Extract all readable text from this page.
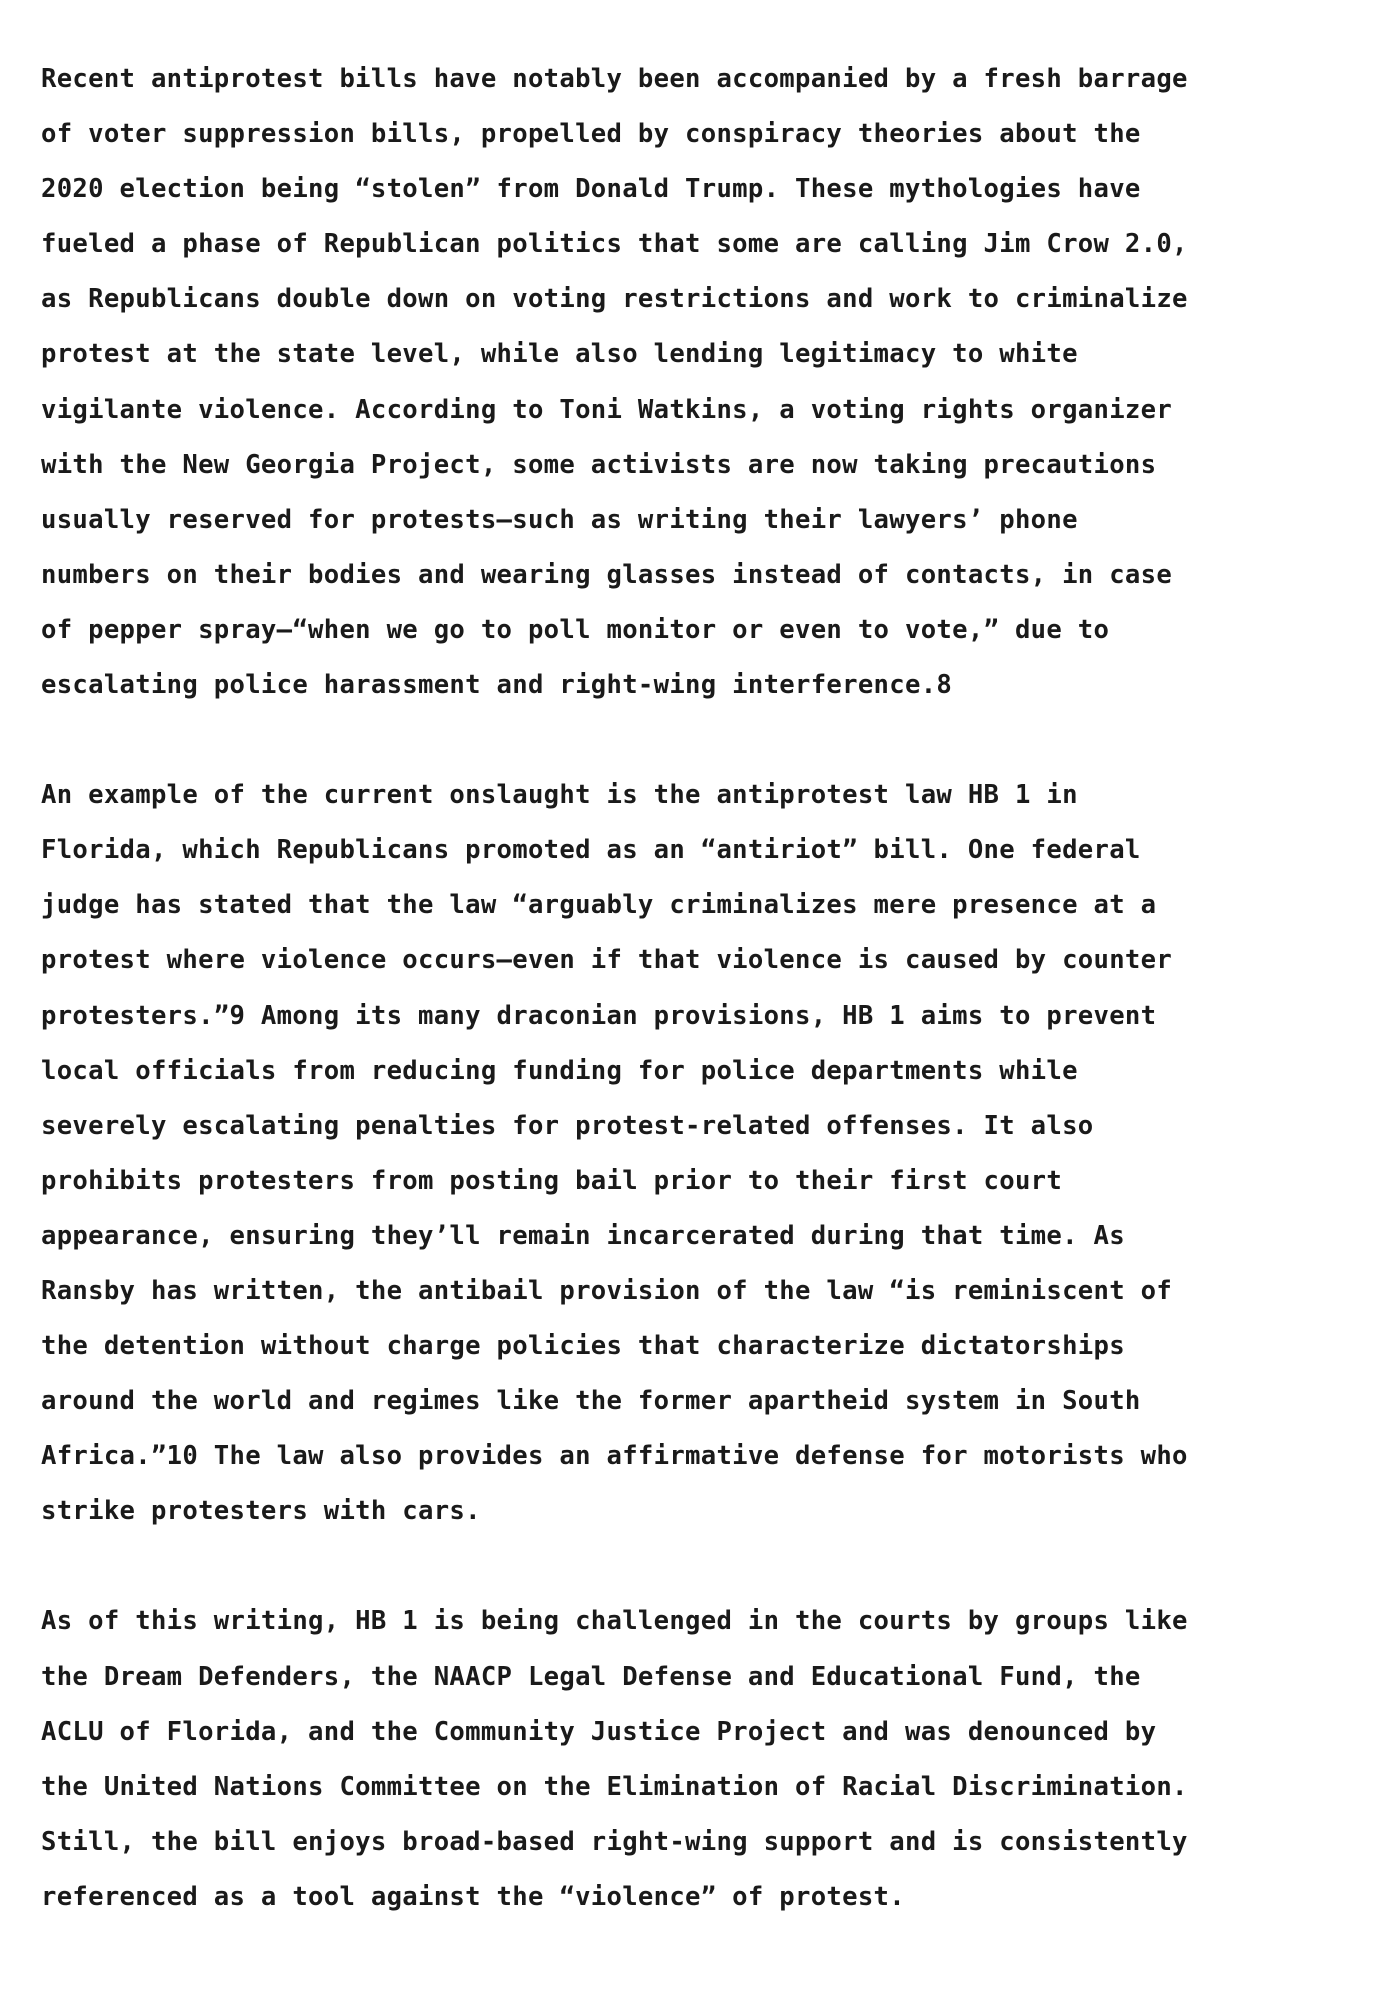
Recent antiprotest bills have notably been accompanied by a fresh barrage
of voter suppression bills, propelled by conspiracy theories about the
2020 election being “stolen” from Donald Trump. These mythologies have
fueled a phase of Republican politics that some are calling Jim Crow 2.0,
as Republicans double down on voting restrictions and work to criminalize
protest at the state level, while also lending legitimacy to white
vigilante violence. According to Toni Watkins, a voting rights organizer
with the New Georgia Project, some activists are now taking precautions
usually reserved for protests—such as writing their lawyers’ phone
numbers on their bodies and wearing glasses instead of contacts, in case
of pepper spray—“when we go to poll monitor or even to vote,” due to
escalating police harassment and right-wing interference.8
An example of the current onslaught is the antiprotest law HB 1 in
Florida, which Republicans promoted as an “antiriot” bill. One federal
judge has stated that the law “arguably criminalizes mere presence at a
protest where violence occurs—even if that violence is caused by counter
protesters.”9 Among its many draconian provisions, HB 1 aims to prevent
local officials from reducing funding for police departments while
severely escalating penalties for protest-related offenses. It also
prohibits protesters from posting bail prior to their first court
appearance, ensuring they’ll remain incarcerated during that time. As
Ransby has written, the antibail provision of the law “is reminiscent of
the detention without charge policies that characterize dictatorships
around the world and regimes like the former apartheid system in South
Africa.”10 The law also provides an affirmative defense for motorists who
strike protesters with cars.
As of this writing, HB 1 is being challenged in the courts by groups like
the Dream Defenders, the NAACP Legal Defense and Educational Fund, the
ACLU of Florida, and the Community Justice Project and was denounced by
the United Nations Committee on the Elimination of Racial Discrimination.
Still, the bill enjoys broad-based right-wing support and is consistently
referenced as a tool against the “violence” of protest.
